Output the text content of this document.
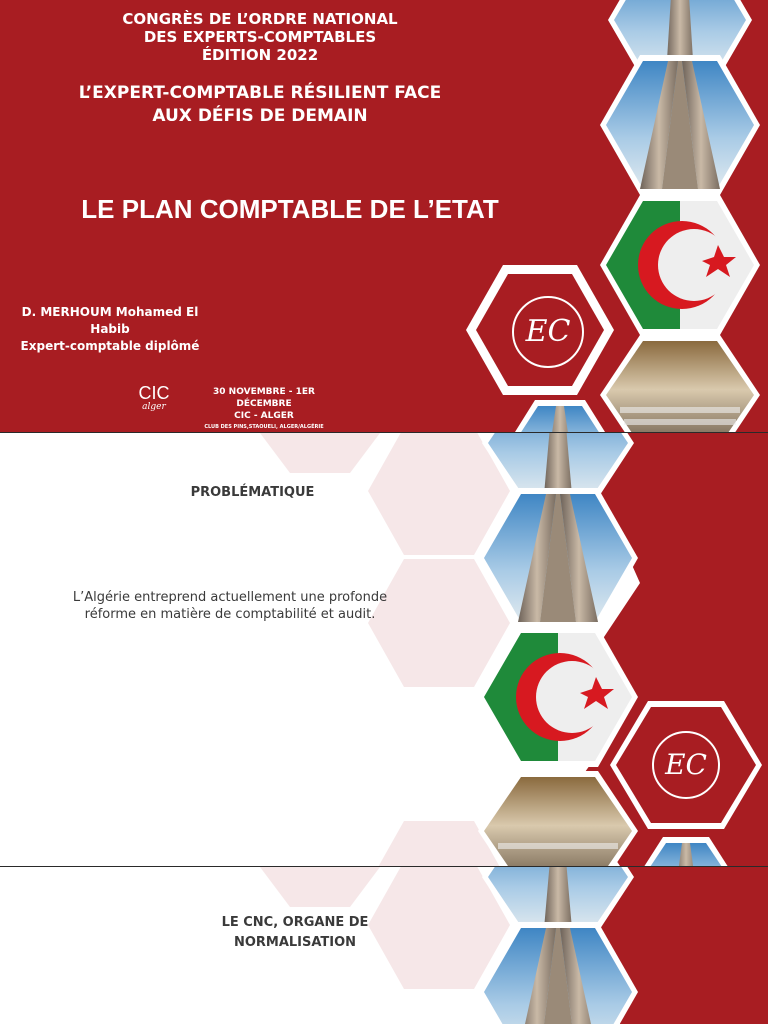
EC
CONGRÈS DE L’ORDRE NATIONAL
DES EXPERTS-COMPTABLES
ÉDITION 2022
L’EXPERT-COMPTABLE RÉSILIENT FACE
AUX DÉFIS DE DEMAIN
LE PLAN COMPTABLE DE L’ETAT
D. MERHOUM Mohamed El
Habib
Expert-comptable diplômé
CIC
alger
30 NOVEMBRE - 1ER DÉCEMBRE
CIC - ALGER
CLUB DES PINS,STAOUELI, ALGER/ALGÉRIE
EC
PROBLÉMATIQUE
L’Algérie entreprend actuellement une profonde
réforme en matière de comptabilité et audit.
LE CNC, ORGANE DE
NORMALISATION
